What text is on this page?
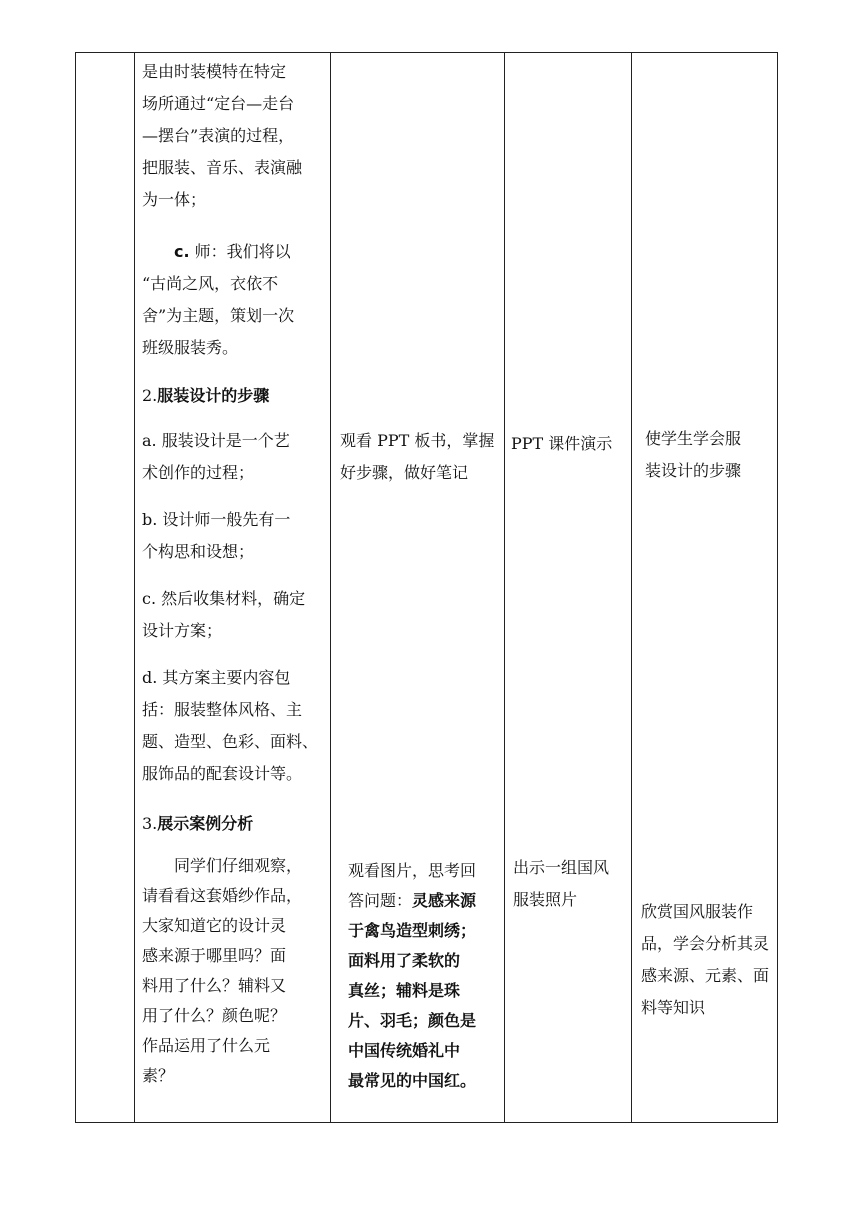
是由时装模特在特定
场所通过“定台—走台
—摆台”表演的过程，
把服装、音乐、表演融
为一体；
c. 师：我们将以
“古尚之风，衣依不
舍”为主题，策划一次
班级服装秀。
2.服装设计的步骤
a. 服装设计是一个艺
术创作的过程；
b. 设计师一般先有一
个构思和设想；
c. 然后收集材料，确定
设计方案；
d. 其方案主要内容包
括：服装整体风格、主
题、造型、色彩、面料、
服饰品的配套设计等。
3.展示案例分析
同学们仔细观察，
请看看这套婚纱作品，
大家知道它的设计灵
感来源于哪里吗？面
料用了什么？辅料又
用了什么？颜色呢？
作品运用了什么元
素？
观看 PPT 板书，掌握
好步骤，做好笔记
观看图片，思考回
答问题：灵感来源
于禽鸟造型刺绣；
面料用了柔软的
真丝；辅料是珠
片、羽毛；颜色是
中国传统婚礼中
最常见的中国红。
PPT 课件演示
出示一组国风
服装照片
使学生学会服
装设计的步骤
欣赏国风服装作
品，学会分析其灵
感来源、元素、面
料等知识
